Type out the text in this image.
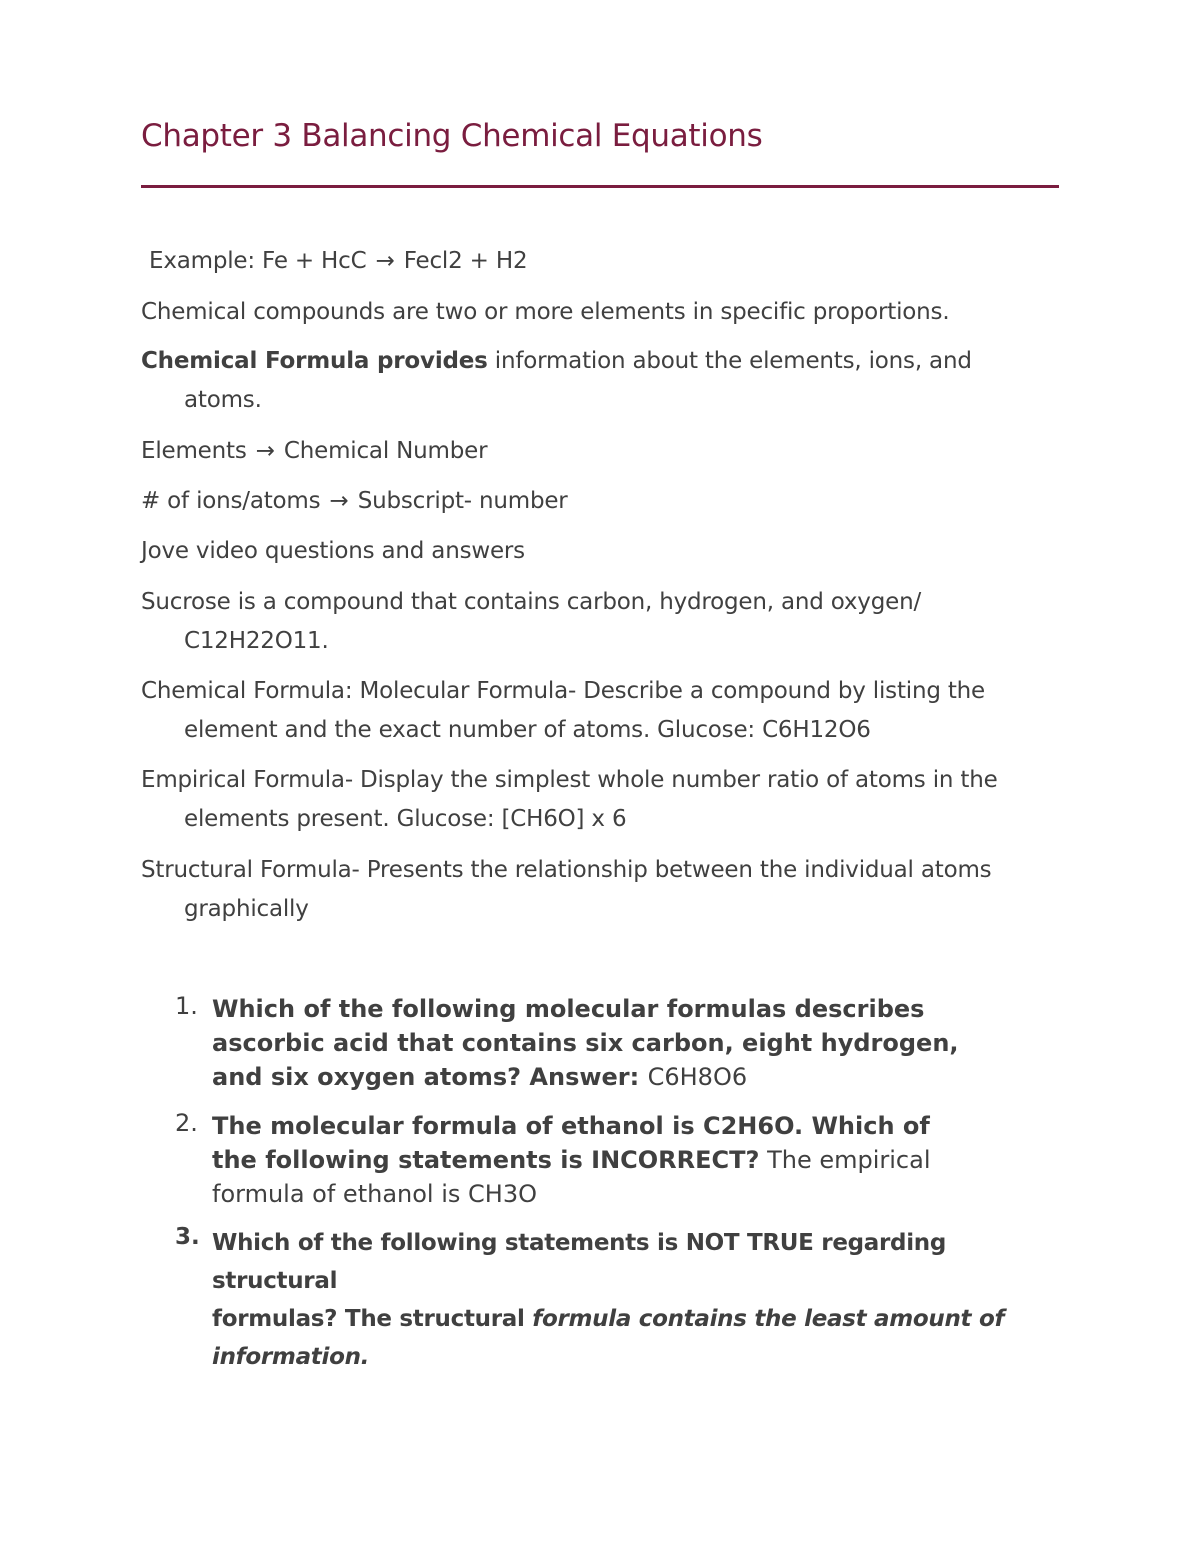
Chapter 3 Balancing Chemical Equations
Example: Fe + HcC → Fecl2 + H2
Chemical compounds are two or more elements in specific proportions.
Chemical Formula provides information about the elements, ions, and
atoms.
Elements → Chemical Number
# of ions/atoms → Subscript- number
Jove video questions and answers
Sucrose is a compound that contains carbon, hydrogen, and oxygen/
C12H22O11.
Chemical Formula: Molecular Formula- Describe a compound by listing the
element and the exact number of atoms. Glucose: C6H12O6
Empirical Formula- Display the simplest whole number ratio of atoms in the
elements present. Glucose: [CH6O] x 6
Structural Formula- Presents the relationship between the individual atoms
graphically
1. Which of the following molecular formulas describes
ascorbic acid that contains six carbon, eight hydrogen,
and six oxygen atoms? Answer: C6H8O6
2. The molecular formula of ethanol is C2H6O. Which of
the following statements is INCORRECT? The empirical
formula of ethanol is CH3O
3. Which of the following statements is NOT TRUE regarding structural
formulas? The structural formula contains the least amount of
information.
